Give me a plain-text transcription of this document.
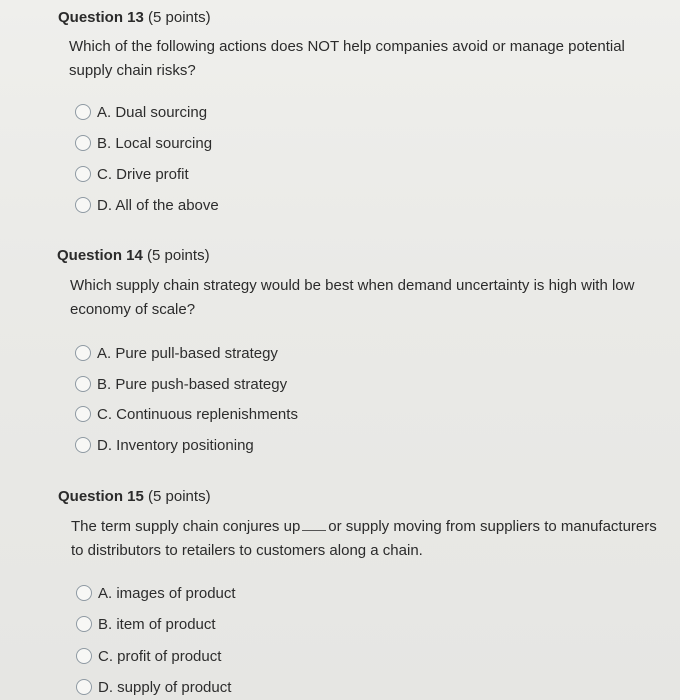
Question 13 (5 points)
Which of the following actions does NOT help companies avoid or manage potential supply chain risks?
A. Dual sourcing
B. Local sourcing
C. Drive profit
D. All of the above
Question 14 (5 points)
Which supply chain strategy would be best when demand uncertainty is high with low economy of scale?
A. Pure pull-based strategy
B. Pure push-based strategy
C. Continuous replenishments
D. Inventory positioning
Question 15 (5 points)
The term supply chain conjures up or supply moving from suppliers to manufacturers to distributors to retailers to customers along a chain.
A. images of product
B. item of product
C. profit of product
D. supply of product
